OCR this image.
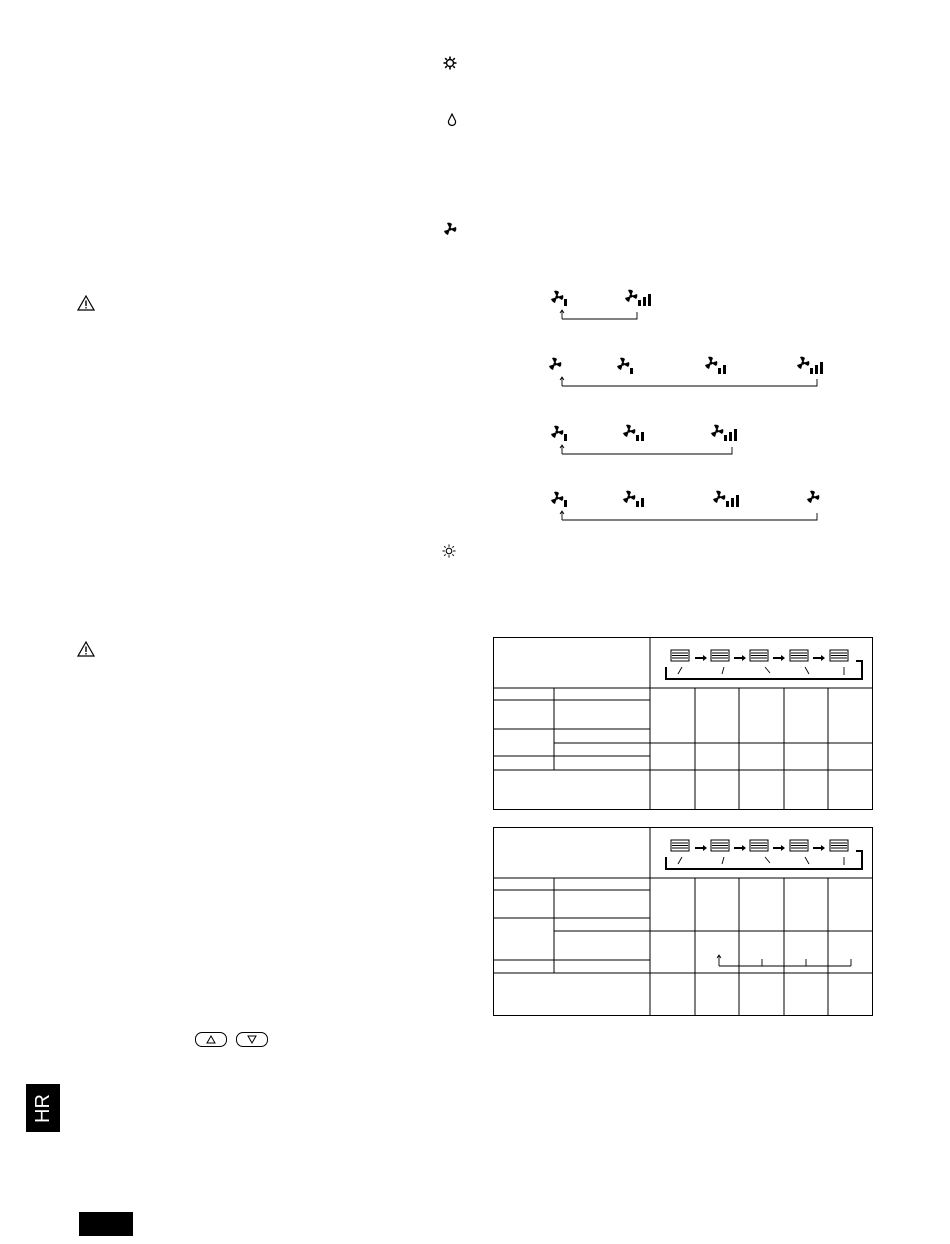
HR
